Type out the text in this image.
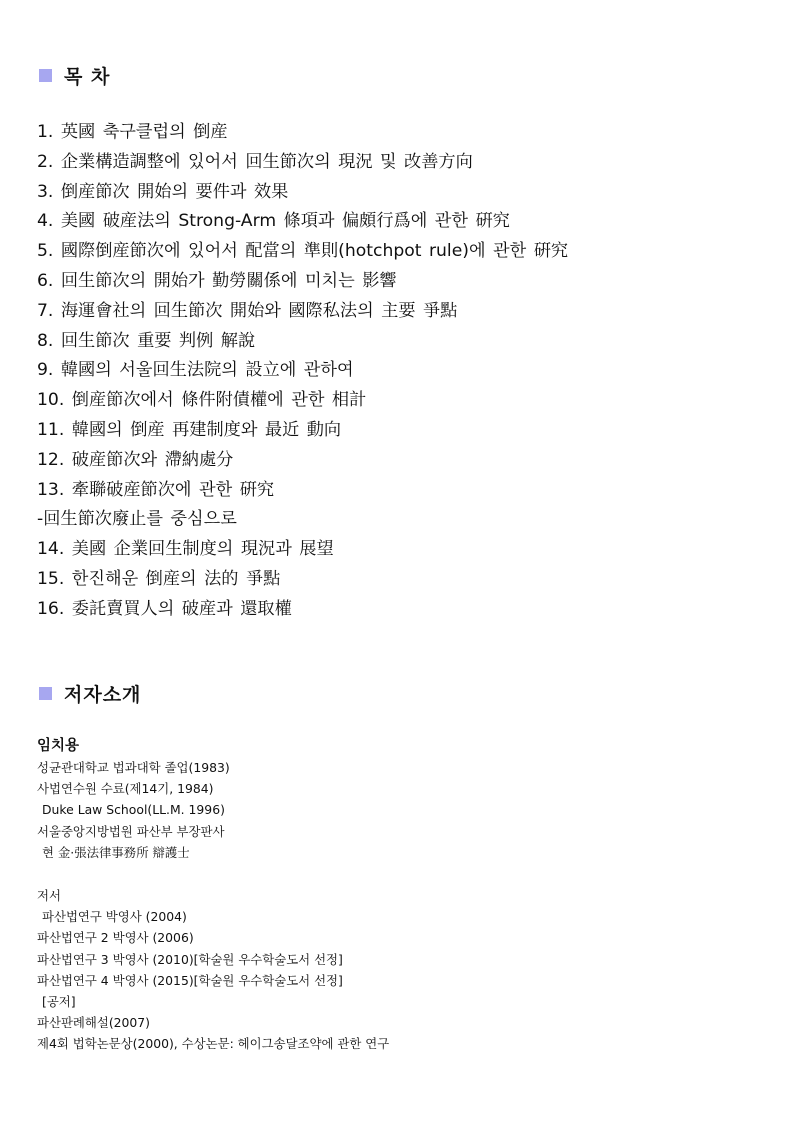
목 차
1. 英國 축구클럽의 倒産
2. 企業構造調整에 있어서 回生節次의 現況 및 改善方向
3. 倒産節次 開始의 要件과 效果
4. 美國 破産法의 Strong-Arm 條項과 偏頗行爲에 관한 硏究
5. 國際倒産節次에 있어서 配當의 準則(hotchpot rule)에 관한 硏究
6. 回生節次의 開始가 勤勞關係에 미치는 影響
7. 海運會社의 回生節次 開始와 國際私法의 主要 爭點
8. 回生節次 重要 判例 解說
9. 韓國의 서울回生法院의 設立에 관하여
10. 倒産節次에서 條件附債權에 관한 相計
11. 韓國의 倒産 再建制度와 最近 動向
12. 破産節次와 滯納處分
13. 牽聯破産節次에 관한 硏究
-回生節次廢止를 중심으로
14. 美國 企業回生制度의 現況과 展望
15. 한진해운 倒産의 法的 爭點
16. 委託賣買人의 破産과 還取權
저자소개
임치용
성균관대학교 법과대학 졸업(1983)
사법연수원 수료(제14기, 1984)
Duke Law School(LL.M. 1996)
서울중앙지방법원 파산부 부장판사
현 金·張法律事務所 辯護士
저서
파산법연구 박영사 (2004)
파산법연구 2 박영사 (2006)
파산법연구 3 박영사 (2010)[학술원 우수학술도서 선정]
파산법연구 4 박영사 (2015)[학술원 우수학술도서 선정]
[공저]
파산판례해설(2007)
제4회 법학논문상(2000), 수상논문: 헤이그송달조약에 관한 연구
